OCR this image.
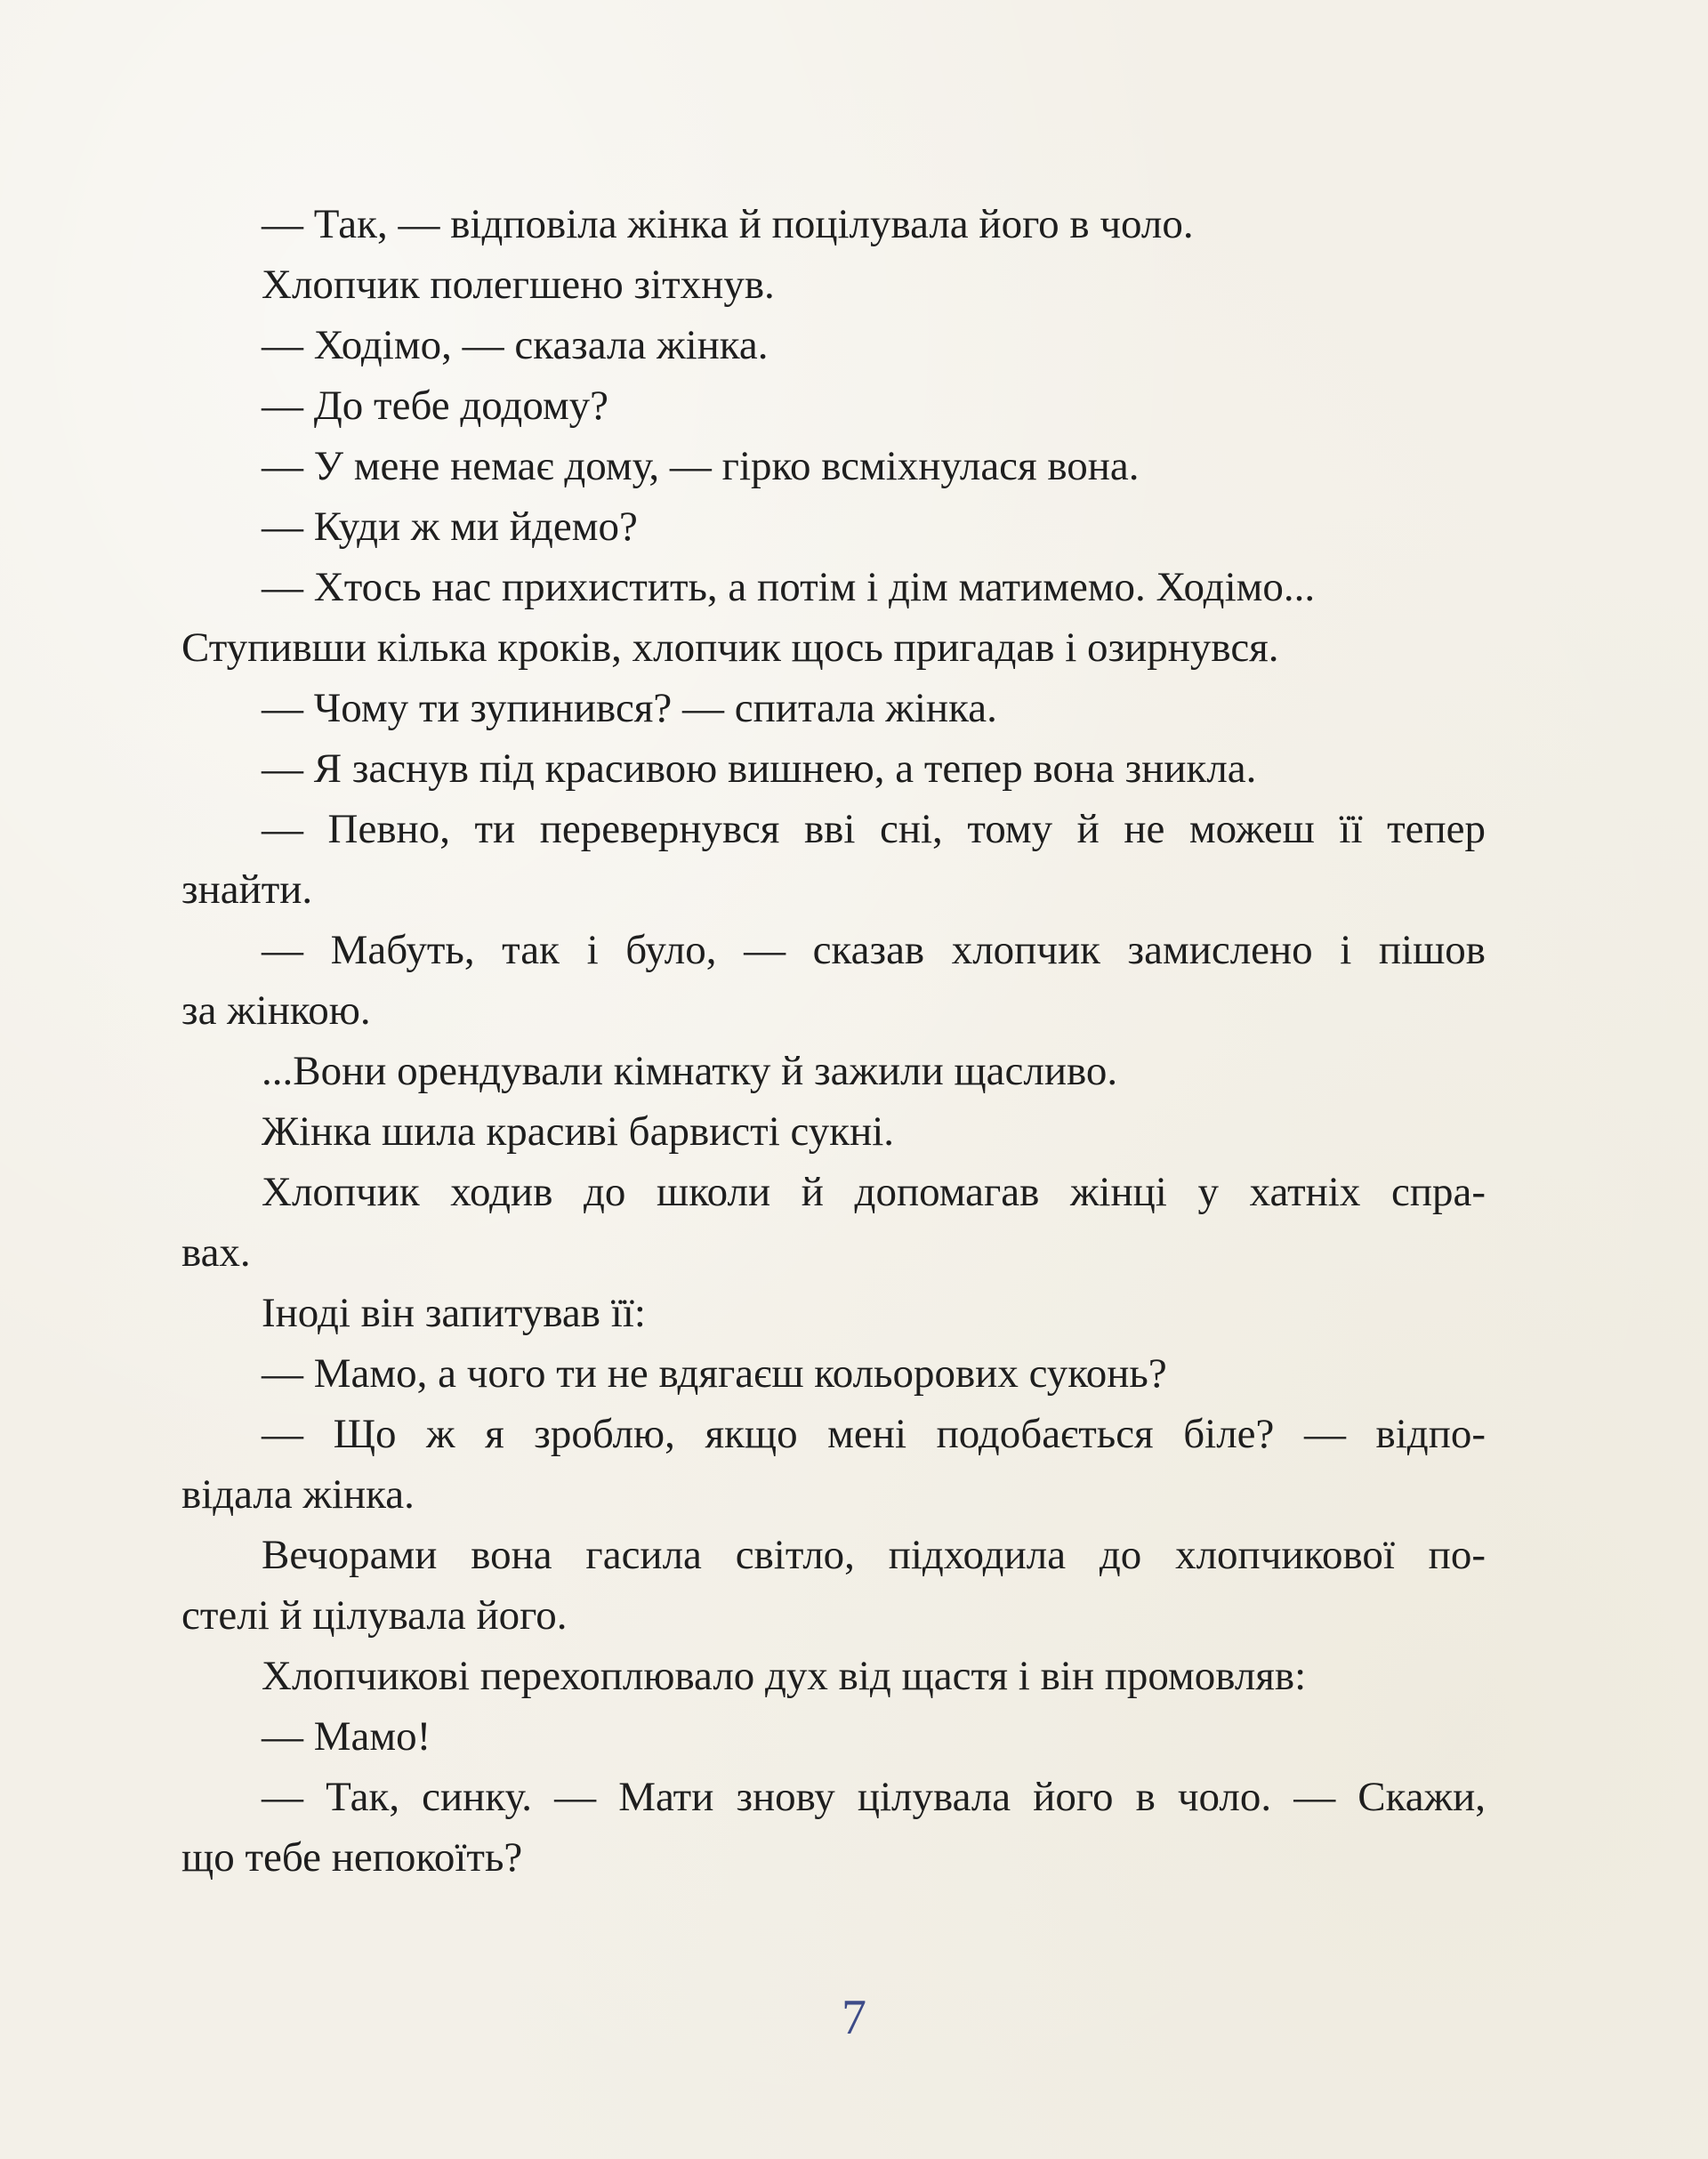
— Так, — відповіла жінка й поцілувала його в чоло.
Хлопчик полегшено зітхнув.
— Ходімо, — сказала жінка.
— До тебе додому?
— У мене немає дому, — гірко всміхнулася вона.
— Куди ж ми йдемо?
— Хтось нас прихистить, а потім і дім матимемо. Ходімо...
Ступивши кілька кроків, хлопчик щось пригадав і озирнувся.
— Чому ти зупинився? — спитала жінка.
— Я заснув під красивою вишнею, а тепер вона зникла.
— Певно, ти перевернувся вві сні, тому й не можеш її тепер
знайти.
— Мабуть, так і було, — сказав хлопчик замислено і пішов
за жінкою.
...Вони орендували кімнатку й зажили щасливо.
Жінка шила красиві барвисті сукні.
Хлопчик ходив до школи й допомагав жінці у хатніх спра-
вах.
Іноді він запитував її:
— Мамо, а чого ти не вдягаєш кольорових суконь?
— Що ж я зроблю, якщо мені подобається біле? — відпо-
відала жінка.
Вечорами вона гасила світло, підходила до хлопчикової по-
стелі й цілувала його.
Хлопчикові перехоплювало дух від щастя і він промовляв:
— Мамо!
— Так, синку. — Мати знову цілувала його в чоло. — Скажи,
що тебе непокоїть?
7
